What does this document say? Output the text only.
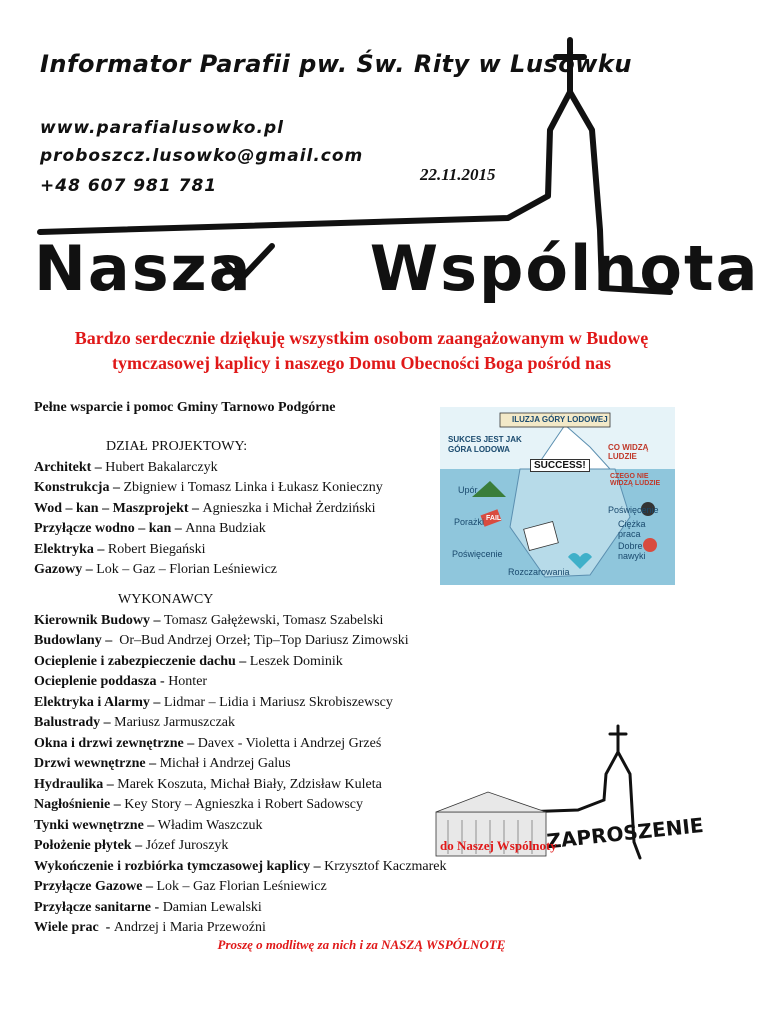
Informator Parafii pw. Św. Rity w Lusówku
www.parafialusowko.pl
proboszcz.lusowko@gmail.com
+48 607 981 781
22.11.2015
Nasza Wspólnota
Bardzo serdecznie dziękuję wszystkim osobom zaangażowanym w Budowę
tymczasowej kaplicy i naszego Domu Obecności Boga pośród nas
Pełne wsparcie i pomoc Gminy Tarnowo Podgórne
DZIAŁ PROJEKTOWY:
Architekt – Hubert Bakalarczyk
Konstrukcja – Zbigniew i Tomasz Linka i Łukasz Konieczny
Wod – kan – Maszprojekt – Agnieszka i Michał Żerdziński
Przyłącze wodno – kan – Anna Budziak
Elektryka – Robert Biegański
Gazowy – Lok – Gaz – Florian Leśniewicz
WYKONAWCY
Kierownik Budowy – Tomasz Gałężewski, Tomasz Szabelski
Budowlany –  Or–Bud Andrzej Orzeł; Tip–Top Dariusz Zimowski
Ocieplenie i zabezpieczenie dachu – Leszek Dominik
Ocieplenie poddasza - Honter
Elektryka i Alarmy – Lidmar – Lidia i Mariusz Skrobiszewscy
Balustrady – Mariusz Jarmuszczak
Okna i drzwi zewnętrzne – Davex - Violetta i Andrzej Grześ
Drzwi wewnętrzne – Michał i Andrzej Galus
Hydraulika – Marek Koszuta, Michał Biały, Zdzisław Kuleta
Nagłośnienie – Key Story – Agnieszka i Robert Sadowscy
Tynki wewnętrzne – Władim Waszczuk
Położenie płytek – Józef Juroszyk
Wykończenie i rozbiórka tymczasowej kaplicy – Krzysztof Kaczmarek
Przyłącze Gazowe – Lok – Gaz Florian Leśniewicz
Przyłącze sanitarne - Damian Lewalski
Wiele prac  - Andrzej i Maria Przewoźni
ILUZJA GÓRY LODOWEJ
SUKCES JEST JAK GÓRA LODOWA
SUCCESS!
CO WIDZĄ LUDZIE
CZEGO NIE WIDZĄ LUDZIE
Upór
Porażki FAIL
Poświęcenie
Poświęcenie
Ciężka praca
Dobre nawyki
Rozczarowania
ZAPROSZENIE
do Naszej Wspólnoty
Proszę o modlitwę za nich i za NASZĄ WSPÓLNOTĘ
